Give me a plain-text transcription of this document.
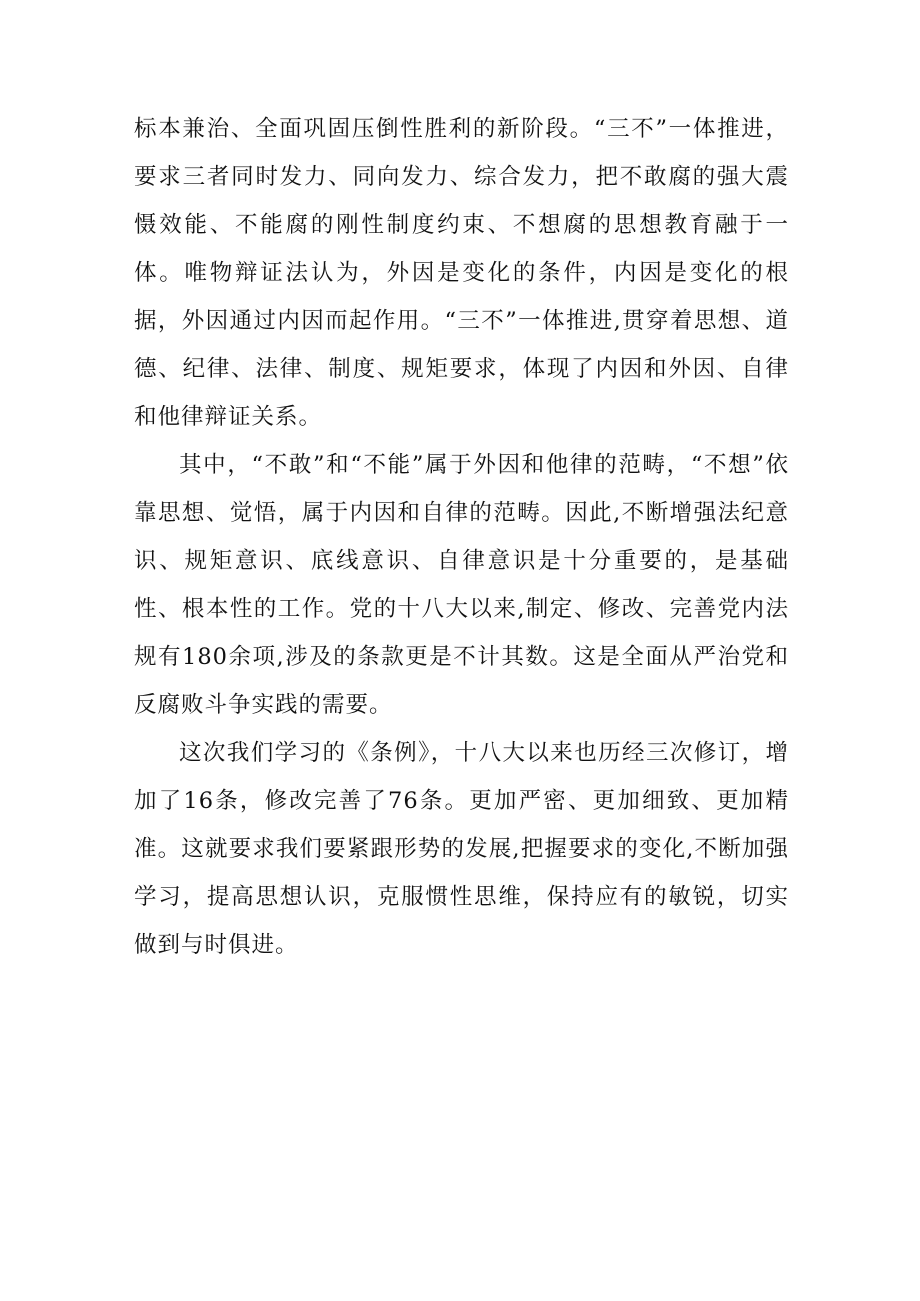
标本兼治、全面巩固压倒性胜利的新阶段。“三不”一体推进，要求三者同时发力、同向发力、综合发力，把不敢腐的强大震慑效能、不能腐的刚性制度约束、不想腐的思想教育融于一体。唯物辩证法认为，外因是变化的条件，内因是变化的根据，外因通过内因而起作用。“三不”一体推进,贯穿着思想、道德、纪律、法律、制度、规矩要求，体现了内因和外因、自律和他律辩证关系。

其中，“不敢”和“不能”属于外因和他律的范畴，“不想”依靠思想、觉悟，属于内因和自律的范畴。因此,不断增强法纪意识、规矩意识、底线意识、自律意识是十分重要的，是基础性、根本性的工作。党的十八大以来,制定、修改、完善党内法规有180余项,涉及的条款更是不计其数。这是全面从严治党和反腐败斗争实践的需要。

这次我们学习的《条例》，十八大以来也历经三次修订，增加了16条，修改完善了76条。更加严密、更加细致、更加精准。这就要求我们要紧跟形势的发展,把握要求的变化,不断加强学习，提高思想认识，克服惯性思维，保持应有的敏锐，切实做到与时俱进。
